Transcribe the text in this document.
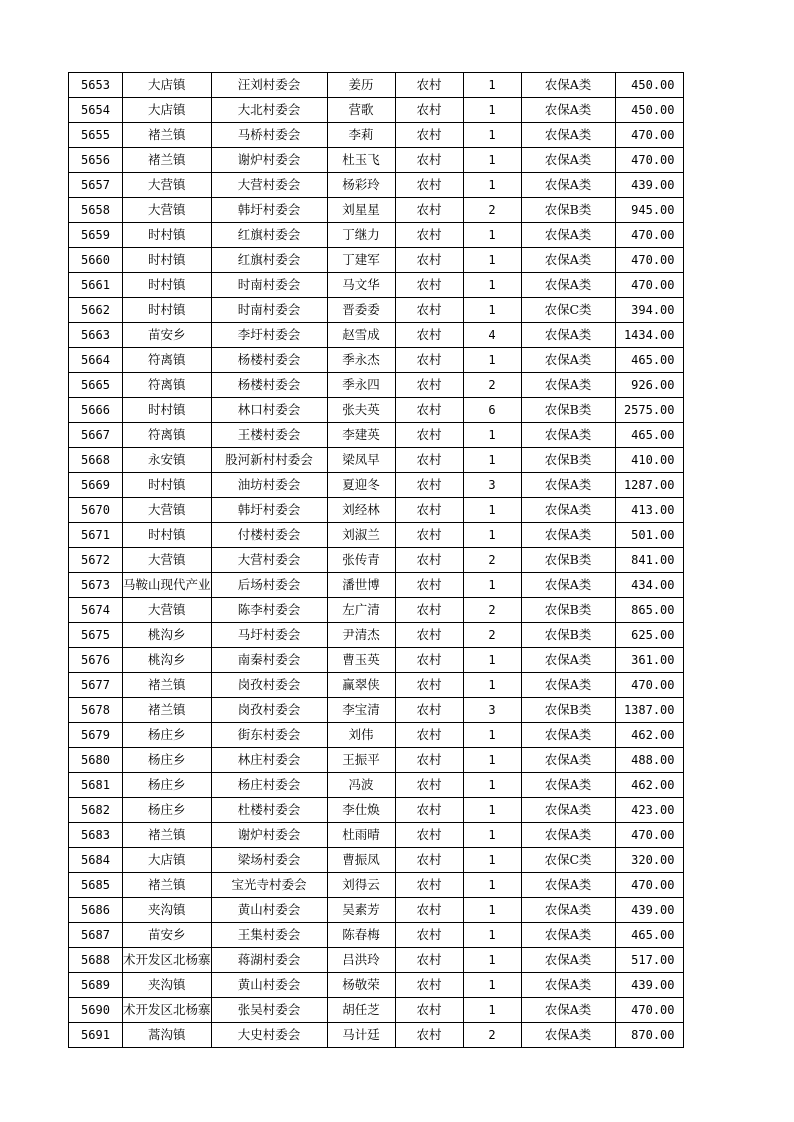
5653	大店镇	汪刘村委会	姜历	农村	1	农保A类	450.00
5654	大店镇	大北村委会	营歌	农村	1	农保A类	450.00
5655	褚兰镇	马桥村委会	李莉	农村	1	农保A类	470.00
5656	褚兰镇	谢炉村委会	杜玉飞	农村	1	农保A类	470.00
5657	大营镇	大营村委会	杨彩玲	农村	1	农保A类	439.00
5658	大营镇	韩圩村委会	刘星星	农村	2	农保B类	945.00
5659	时村镇	红旗村委会	丁继力	农村	1	农保A类	470.00
5660	时村镇	红旗村委会	丁建军	农村	1	农保A类	470.00
5661	时村镇	时南村委会	马文华	农村	1	农保A类	470.00
5662	时村镇	时南村委会	晋委委	农村	1	农保C类	394.00
5663	苗安乡	李圩村委会	赵雪成	农村	4	农保A类	1434.00
5664	符离镇	杨楼村委会	季永杰	农村	1	农保A类	465.00
5665	符离镇	杨楼村委会	季永四	农村	2	农保A类	926.00
5666	时村镇	林口村委会	张夫英	农村	6	农保B类	2575.00
5667	符离镇	王楼村委会	李建英	农村	1	农保A类	465.00
5668	永安镇	股河新村村委会	梁凤早	农村	1	农保B类	410.00
5669	时村镇	油坊村委会	夏迎冬	农村	3	农保A类	1287.00
5670	大营镇	韩圩村委会	刘经林	农村	1	农保A类	413.00
5671	时村镇	付楼村委会	刘淑兰	农村	1	农保A类	501.00
5672	大营镇	大营村委会	张传青	农村	2	农保B类	841.00
5673	马鞍山现代产业	后场村委会	潘世博	农村	1	农保A类	434.00
5674	大营镇	陈李村委会	左广清	农村	2	农保B类	865.00
5675	桃沟乡	马圩村委会	尹清杰	农村	2	农保B类	625.00
5676	桃沟乡	南秦村委会	曹玉英	农村	1	农保A类	361.00
5677	褚兰镇	岗孜村委会	赢翠侠	农村	1	农保A类	470.00
5678	褚兰镇	岗孜村委会	李宝清	农村	3	农保B类	1387.00
5679	杨庄乡	街东村委会	刘伟	农村	1	农保A类	462.00
5680	杨庄乡	林庄村委会	王振平	农村	1	农保A类	488.00
5681	杨庄乡	杨庄村委会	冯波	农村	1	农保A类	462.00
5682	杨庄乡	杜楼村委会	李仕焕	农村	1	农保A类	423.00
5683	褚兰镇	谢炉村委会	杜雨晴	农村	1	农保A类	470.00
5684	大店镇	梁场村委会	曹振凤	农村	1	农保C类	320.00
5685	褚兰镇	宝光寺村委会	刘得云	农村	1	农保A类	470.00
5686	夹沟镇	黄山村委会	吴素芳	农村	1	农保A类	439.00
5687	苗安乡	王集村委会	陈春梅	农村	1	农保A类	465.00
5688	术开发区北杨寨	蒋湖村委会	吕洪玲	农村	1	农保A类	517.00
5689	夹沟镇	黄山村委会	杨敬荣	农村	1	农保A类	439.00
5690	术开发区北杨寨	张吴村委会	胡任芝	农村	1	农保A类	470.00
5691	蒿沟镇	大史村委会	马计廷	农村	2	农保A类	870.00
